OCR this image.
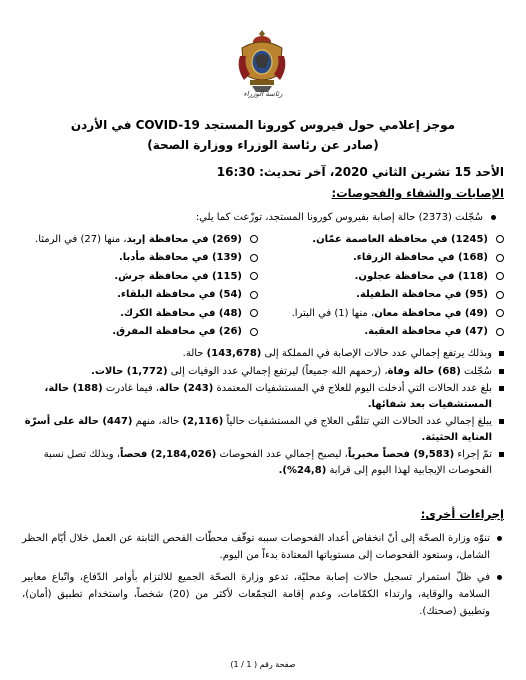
رئاسة الوزراء
موجز إعلامي حول فيروس كورونا المستجد COVID-19 في الأردن
(صادر عن رئاسة الوزراء ووزارة الصحة)
الأحد 15 تشرين الثاني 2020، آخر تحديث: 16:30
الإصابات والشفاء والفحوصات:
سُجّلت (2373) حالة إصابة بفيروس كورونا المستجد، توزّعت كما يلي:
(1245) في محافظة العاصمة عمّان.
(269) في محافظة إربد
، منها (27) في الرمثا.
(168) في محافظة الزرقاء.
(139) في محافظة مأدبا.
(118) في محافظة عجلون.
(115) في محافظة جرش.
(95) في محافظة الطفيلة.
(54) في محافظة البلقاء.
(49) في محافظة معان
، منها (1) في البترا.
(48) في محافظة الكرك.
(47) في محافظة العقبة.
(26) في محافظة المفرق.
وبذلك يرتفع إجمالي عدد حالات الإصابة في المملكة إلى (143,678) حالة.
سُجّلت (68) حالة وفاة، (رحمهم الله جميعاً) ليرتفع إجمالي عدد الوفيات إلى (1,772) حالات.
بلغ عدد الحالات التي أدخلت اليوم للعلاج في المستشفيات المعتمدة (243) حالة، فيما غادرت (188) حالة، المستشفيات بعد شفائها.
يبلغ إجمالي عدد الحالات التي تتلقّى العلاج في المستشفيات حالياً (2,116) حالة، منهم (447) حالة على أسرّة العناية الحثيثة.
تمّ إجراء (9,583) فحصاً مخبرياً، ليصبح إجمالي عدد الفحوصات (2,184,026) فحصاً، وبذلك تصل نسبة الفحوصات الإيجابية لهذا اليوم إلى قرابة (24,8%).
إجراءات أخرى:
تنوّه وزارة الصحّة إلى أنّ انخفاض أعداد الفحوصات سببه توقّف محطّات الفحص الثابتة عن العمل خلال أيّام الحظر الشامل، وستعود الفحوصات إلى مستوياتها المعتادة بدءاً من اليوم.
في ظلّ استمرار تسجيل حالات إصابة محليّة، تدعو وزارة الصحّة الجميع للالتزام بأوامر الدّفاع، واتّباع معايير السلامة والوقاية، وارتداء الكمّامات، وعدم إقامة التجمّعات لأكثر من (20) شخصاً، واستخدام تطبيق (أمان)، وتطبيق (صحتك).
صفحة رقم ( 1 / 1)
